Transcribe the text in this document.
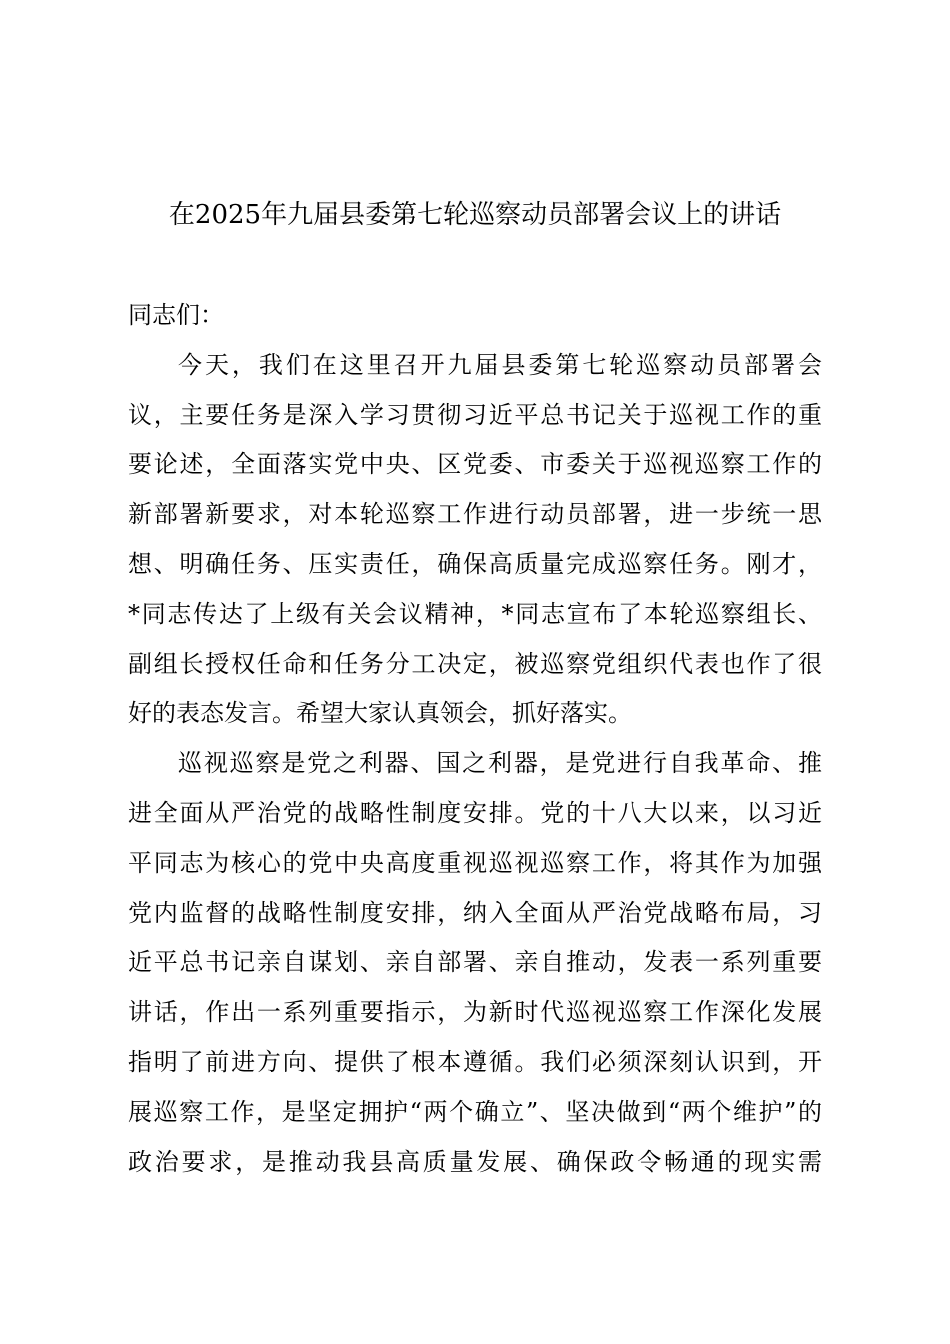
在2025年九届县委第七轮巡察动员部署会议上的讲话
同志们：
今天，我们在这里召开九届县委第七轮巡察动员部署会
议，主要任务是深入学习贯彻习近平总书记关于巡视工作的重
要论述，全面落实党中央、区党委、市委关于巡视巡察工作的
新部署新要求，对本轮巡察工作进行动员部署，进一步统一思
想、明确任务、压实责任，确保高质量完成巡察任务。刚才，
*同志传达了上级有关会议精神，*同志宣布了本轮巡察组长、
副组长授权任命和任务分工决定，被巡察党组织代表也作了很
好的表态发言。希望大家认真领会，抓好落实。
巡视巡察是党之利器、国之利器，是党进行自我革命、推
进全面从严治党的战略性制度安排。党的十八大以来，以习近
平同志为核心的党中央高度重视巡视巡察工作，将其作为加强
党内监督的战略性制度安排，纳入全面从严治党战略布局，习
近平总书记亲自谋划、亲自部署、亲自推动，发表一系列重要
讲话，作出一系列重要指示，为新时代巡视巡察工作深化发展
指明了前进方向、提供了根本遵循。我们必须深刻认识到，开
展巡察工作，是坚定拥护“两个确立”、坚决做到“两个维护”的
政治要求，是推动我县高质量发展、确保政令畅通的现实需
